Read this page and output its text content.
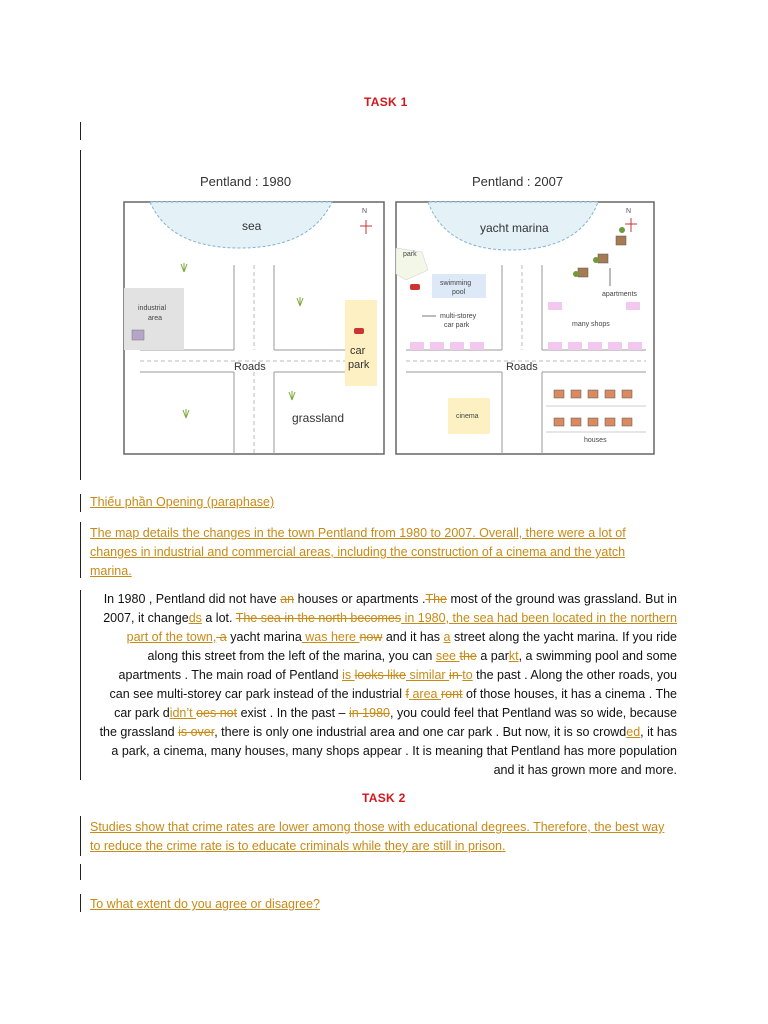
TASK 1
Pentland : 1980
sea
Roads
industrial
area
car
park
grassland
N
Pentland : 2007
yacht marina
park
Roads
swimming
pool
multi-storey
car park	many shops
apartments
cinema
houses
N
Thiếu phần Opening (paraphase)
The map details the changes in the town Pentland from 1980 to 2007. Overall, there were a lot of
changes in industrial and commercial areas, including the construction of a cinema and the yatch
marina.
In 1980 , Pentland did not have an houses or apartments .The most of the ground was grassland. But in
2007, it changeds a lot. The sea in the north becomes in 1980, the sea had been located in the northern
part of the town, a yacht marina was here now and it has a street along the yacht marina. If you ride
along this street from the left of the marina, you can see the a parkt, a swimming pool and some
apartments . The main road of Pentland is looks like similar in to the past . Along the other roads, you
can see multi-storey car park instead of the industrial f area ront of those houses, it has a cinema . The
car park didn’t oes not exist . In the past – in 1980, you could feel that Pentland was so wide, because
the grassland is over, there is only one industrial area and one car park . But now, it is so crowded, it has
a park, a cinema, many houses, many shops appear . It is meaning that Pentland has more population
and it has grown more and more.
TASK 2
Studies show that crime rates are lower among those with educational degrees. Therefore, the best way
to reduce the crime rate is to educate criminals while they are still in prison.
To what extent do you agree or disagree?
